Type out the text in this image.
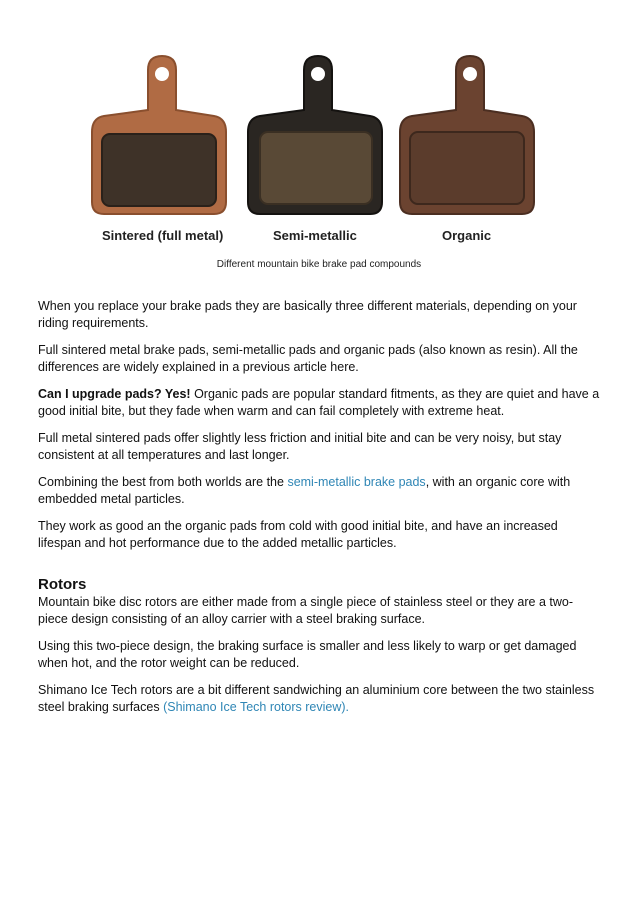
Sintered (full metal)	Semi-metallic	Organic
Different mountain bike brake pad compounds

When you replace your brake pads they are basically three different materials, depending on your riding requirements.

Full sintered metal brake pads, semi-metallic pads and organic pads (also known as resin). All the differences are widely explained in a previous article here.

Can I upgrade pads? Yes! Organic pads are popular standard fitments, as they are quiet and have a good initial bite, but they fade when warm and can fail completely with extreme heat.

Full metal sintered pads offer slightly less friction and initial bite and can be very noisy, but stay consistent at all temperatures and last longer.

Combining the best from both worlds are the semi-metallic brake pads, with an organic core with embedded metal particles.

They work as good an the organic pads from cold with good initial bite, and have an increased lifespan and hot performance due to the added metallic particles.

Rotors

Mountain bike disc rotors are either made from a single piece of stainless steel or they are a two-piece design consisting of an alloy carrier with a steel braking surface.

Using this two-piece design, the braking surface is smaller and less likely to warp or get damaged when hot, and the rotor weight can be reduced.

Shimano Ice Tech rotors are a bit different sandwiching an aluminium core between the two stainless steel braking surfaces (Shimano Ice Tech rotors review).
